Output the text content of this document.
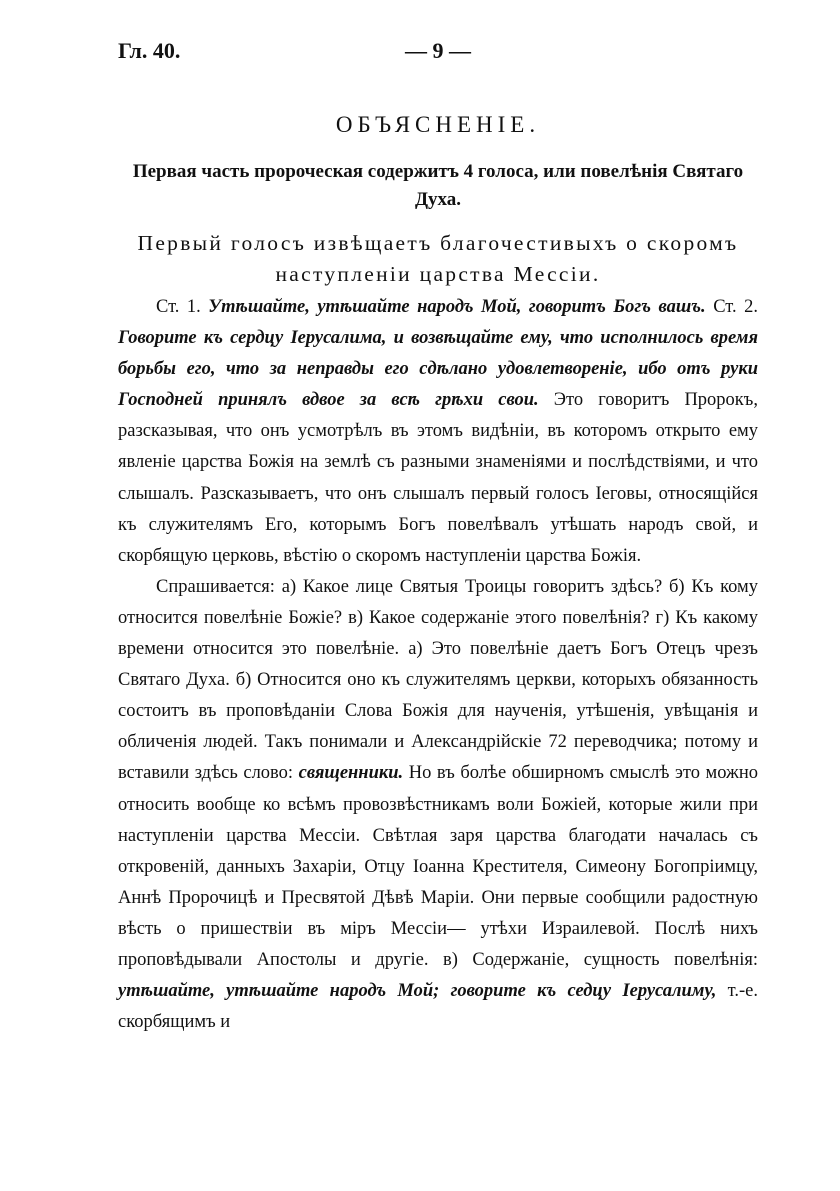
Гл. 40.	— 9 —
ОБЪЯСНЕНІЕ.
Первая часть пророческая содержитъ 4 голоса, или повелѣнія Святаго Духа.
Первый голосъ извѣщаетъ благочестивыхъ о скоромъ наступленіи царства Мессіи.

Ст. 1. Утѣшайте, утѣшайте народъ Мой, говоритъ Богъ вашъ. Ст. 2. Говорите къ сердцу Іерусалима, и возвѣщайте ему, что исполнилось время борьбы его, что за неправды его сдѣлано удовлетвореніе, ибо отъ руки Господней принялъ вдвое за всѣ грѣхи свои. Это говоритъ Пророкъ, разсказывая, что онъ усмотрѣлъ въ этомъ видѣніи, въ которомъ открыто ему явленіе царства Божія на землѣ съ разными знаменіями и послѣдствіями, и что слышалъ. Разсказываетъ, что онъ слышалъ первый голосъ Іеговы, относящійся къ служителямъ Его, которымъ Богъ повелѣвалъ утѣшать народъ свой, и скорбящую церковь, вѣстію о скоромъ наступленіи царства Божія.

Спрашивается: а) Какое лице Святыя Троицы говоритъ здѣсь? б) Къ кому относится повелѣніе Божіе? в) Какое содержаніе этого повелѣнія? г) Къ какому времени относится это повелѣніе. а) Это повелѣніе даетъ Богъ Отецъ чрезъ Святаго Духа. б) Относится оно къ служителямъ церкви, которыхъ обязанность состоитъ въ проповѣданіи Слова Божія для наученія, утѣшенія, увѣщанія и обличенія людей. Такъ понимали и Александрійскіе 72 переводчика; потому и вставили здѣсь слово: священники. Но въ болѣе обширномъ смыслѣ это можно относить вообще ко всѣмъ провозвѣстникамъ воли Божіей, которые жили при наступленіи царства Мессіи. Свѣтлая заря царства благодати началась съ откровеній, данныхъ Захаріи, Отцу Іоанна Крестителя, Симеону Богопріимцу, Аннѣ Пророчицѣ и Пресвятой Дѣвѣ Маріи. Они первые сообщили радостную вѣсть о пришествіи въ міръ Мессіи— утѣхи Израилевой. Послѣ нихъ проповѣдывали Апостолы и другіе. в) Содержаніе, сущность повелѣнія: утѣшайте, утѣшайте народъ Мой; говорите къ седцу Іерусалиму, т.-е. скорбящимъ и
